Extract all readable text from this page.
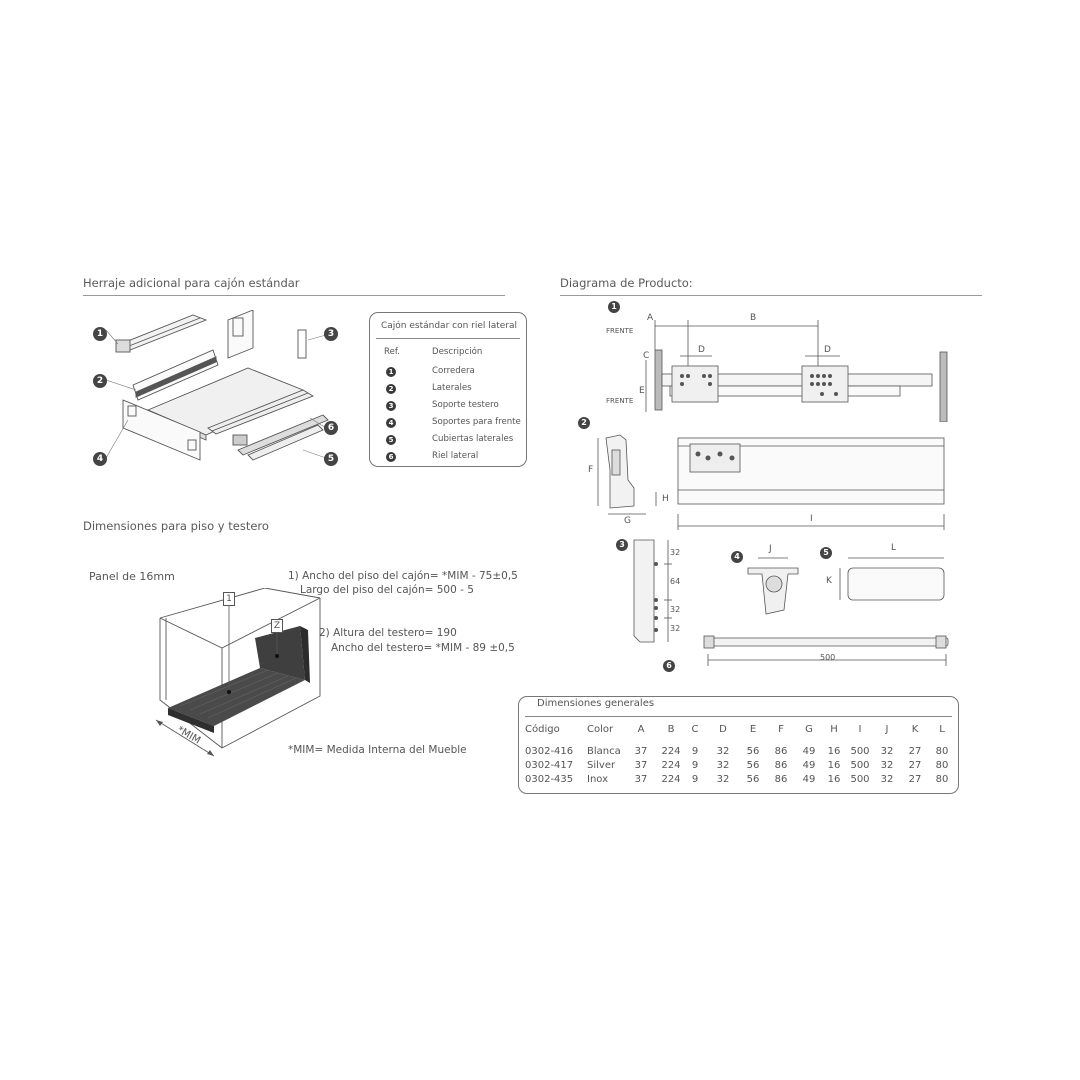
Herraje adicional para cajón estándar
1
2
3
4	5
6
Cajón estándar con riel lateral
Ref.	Descripción
1	Corredera
2	Laterales
3	Soporte testero
4	Soportes para frente
5	Cubiertas laterales
6	Riel lateral
Dimensiones para piso y testero
Panel de 16mm	1) Ancho del piso del cajón= *MIM - 75±0,5
Largo del piso del cajón= 500 - 5
2) Altura del testero= 190
Ancho del testero= *MIM - 89 ±0,5
*MIM= Medida Interna del Mueble
1
Z
*MIM
Diagrama de Producto:
1
FRENTE
FRENTE
A	B
C
D	D
E
2
F
G
H
I
3
32
64
32
32
6
4
J	5	L
K
500
Dimensiones generales
Código	Color	A	B	C	D	E	F	G	H	I	J	K	L
0302-416	Blanca	37	224	9	32	56	86	49	16	500	32	27	80
0302-417	Silver	37	224	9	32	56	86	49	16	500	32	27	80
0302-435	Inox	37	224	9	32	56	86	49	16	500	32	27	80
